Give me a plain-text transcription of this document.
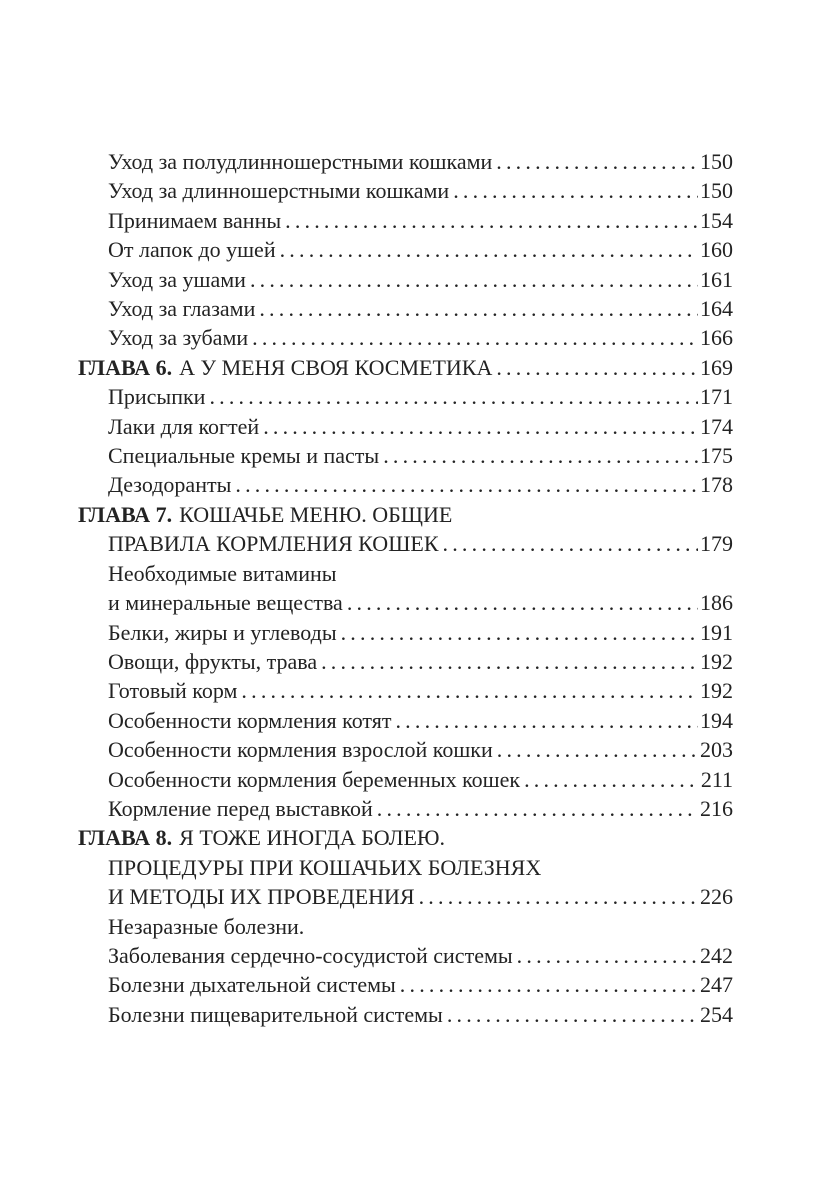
Уход за полудлинношерстными кошками .....	150
Уход за длинношерстными кошками .....	150
Принимаем ванны .....	154
От лапок до ушей .....	160
Уход за ушами .....	161
Уход за глазами .....	164
Уход за зубами .....	166
ГЛАВА 6. А У МЕНЯ СВОЯ КОСМЕТИКА .....	169
Присыпки .....	171
Лаки для когтей .....	174
Специальные кремы и пасты .....	175
Дезодоранты .....	178
ГЛАВА 7. КОШАЧЬЕ МЕНЮ. ОБЩИЕ
ПРАВИЛА КОРМЛЕНИЯ КОШЕК .....	179
Необходимые витамины
и минеральные вещества .....	186
Белки, жиры и углеводы .....	191
Овощи, фрукты, трава .....	192
Готовый корм .....	192
Особенности кормления котят .....	194
Особенности кормления взрослой кошки .....	203
Особенности кормления беременных кошек .....	211
Кормление перед выставкой .....	216
ГЛАВА 8. Я ТОЖЕ ИНОГДА БОЛЕЮ.
ПРОЦЕДУРЫ ПРИ КОШАЧЬИХ БОЛЕЗНЯХ
И МЕТОДЫ ИХ ПРОВЕДЕНИЯ .....	226
Незаразные болезни.
Заболевания сердечно-сосудистой системы .....	242
Болезни дыхательной системы .....	247
Болезни пищеварительной системы .....	254
